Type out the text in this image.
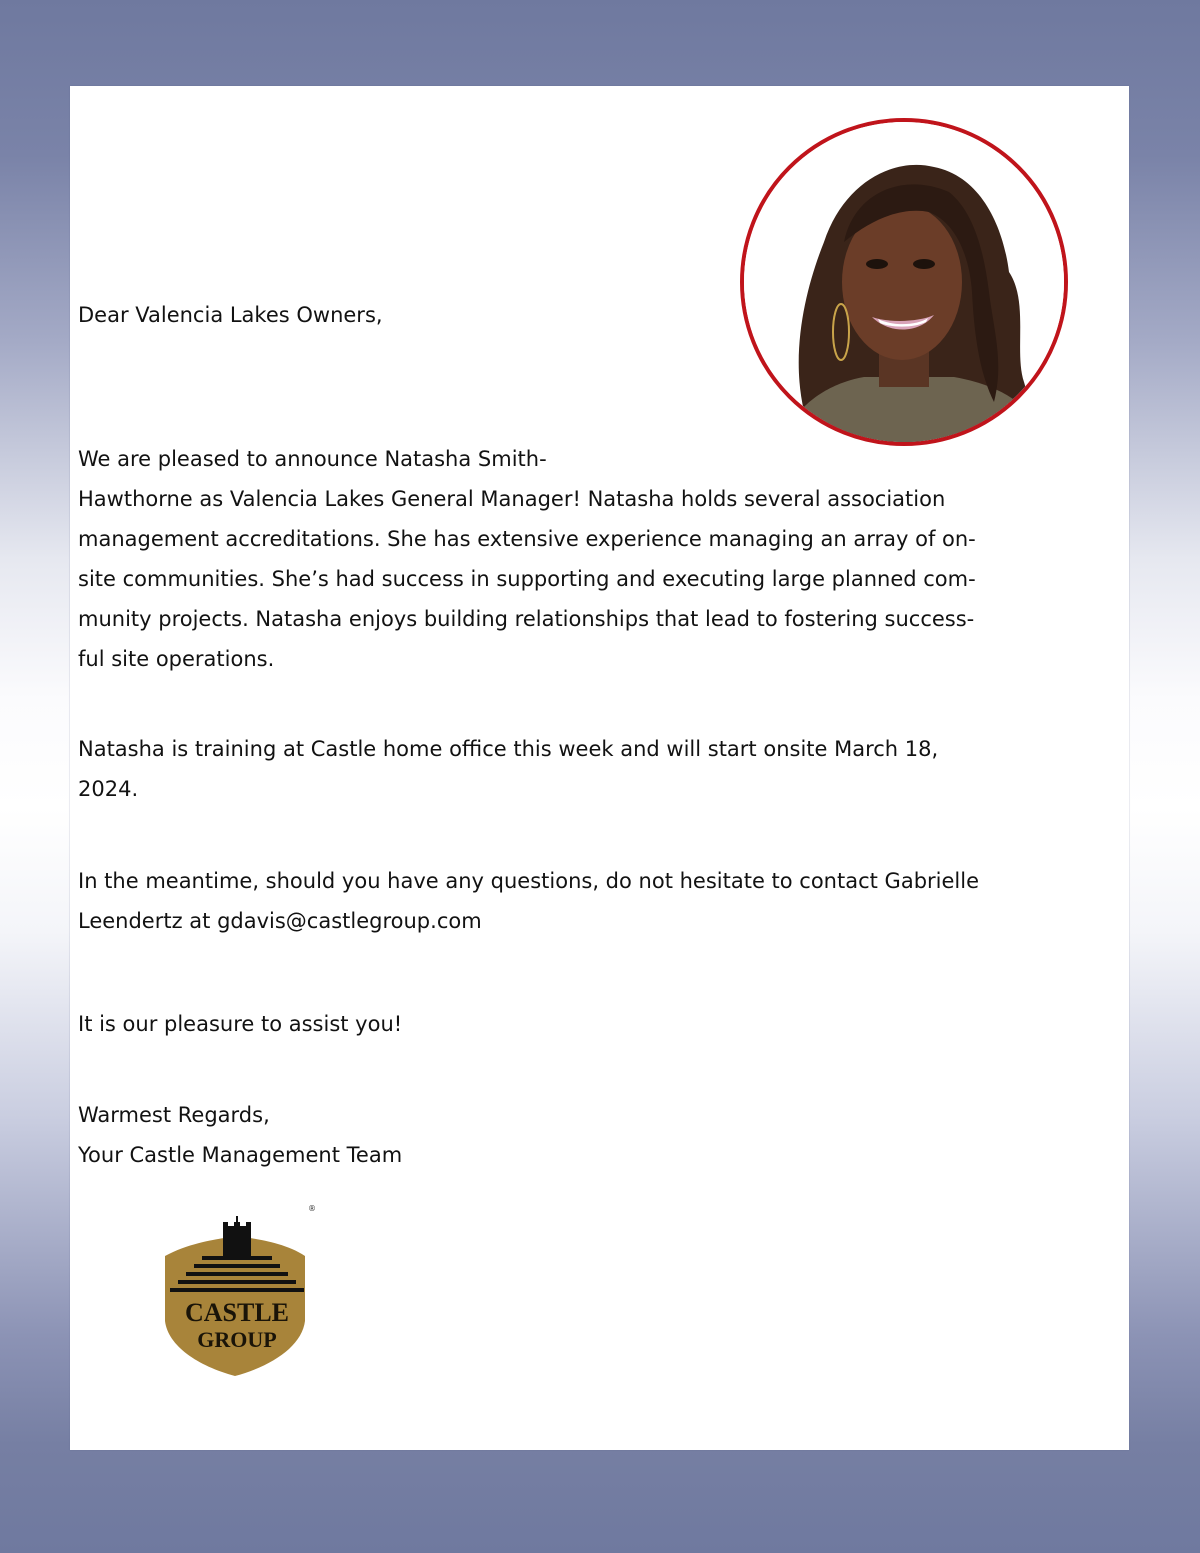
Dear Valencia Lakes Owners,
We are pleased to announce Natasha Smith-
Hawthorne as Valencia Lakes General Manager! Natasha holds several association
management accreditations. She has extensive experience managing an array of on-
site communities. She’s had success in supporting and executing large planned com-
munity projects. Natasha enjoys building relationships that lead to fostering success-
ful site operations.
Natasha is training at Castle home office this week and will start onsite March 18,
2024.
In the meantime, should you have any questions, do not hesitate to contact Gabrielle
Leendertz at gdavis@castlegroup.com
It is our pleasure to assist you!
Warmest Regards,
Your Castle Management Team
CASTLE
GROUP
®
